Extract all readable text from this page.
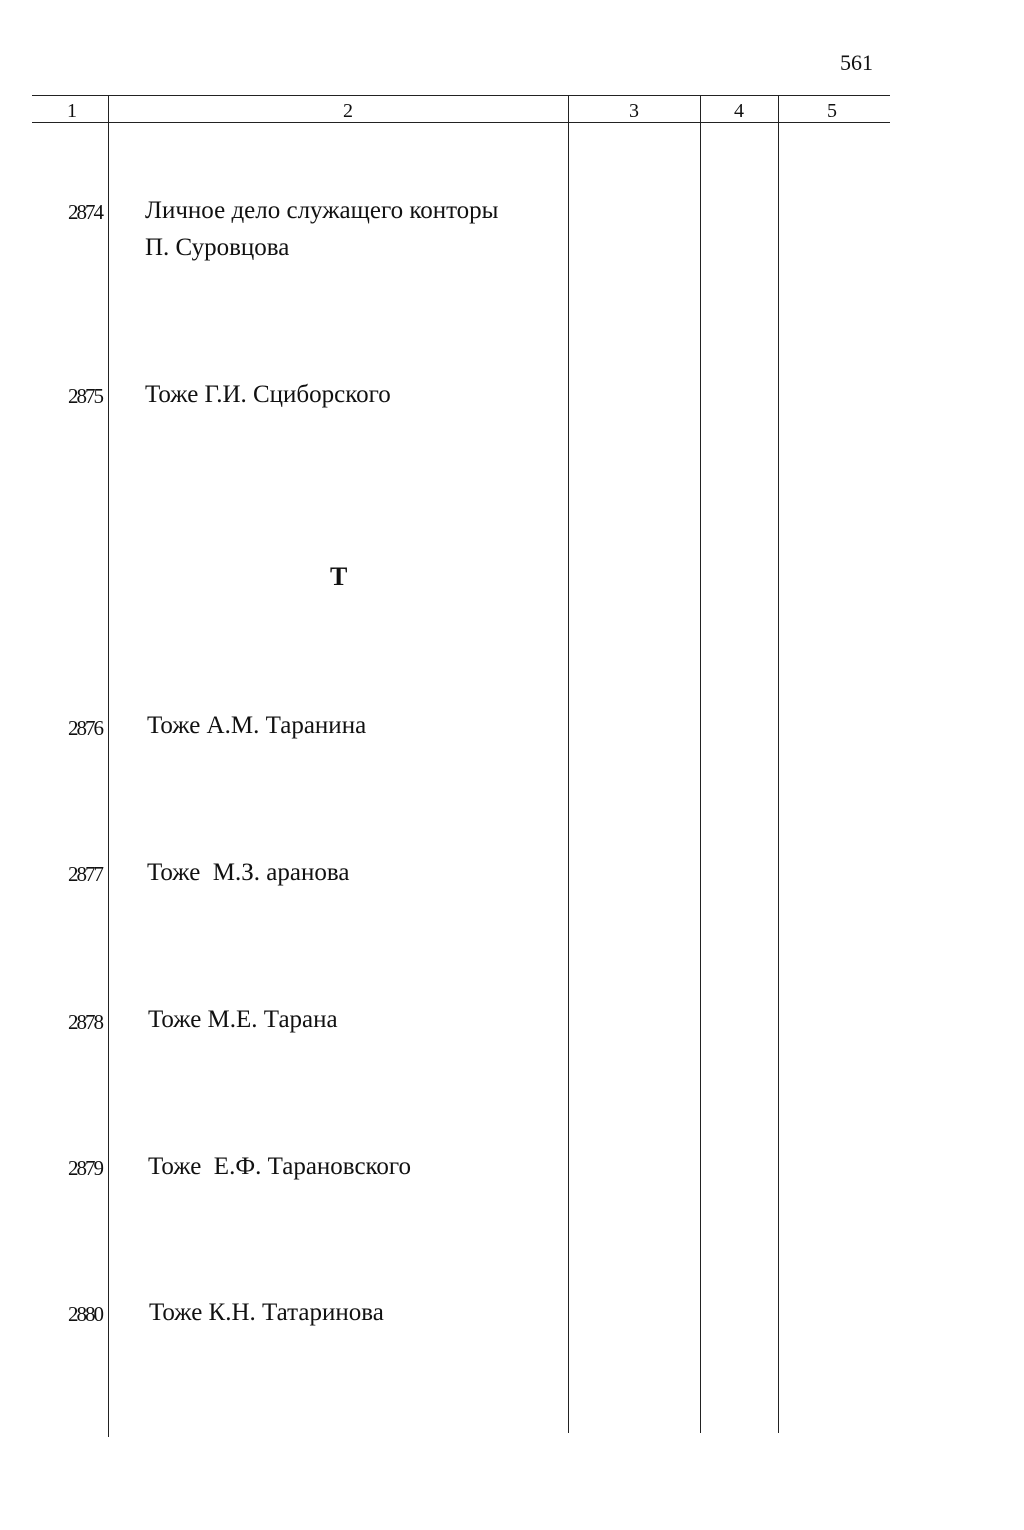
561
1	2	3	4	5
2874 Личное дело служащего конторы
П. Суровцова
2875 Тоже Г.И. Сциборского
Т
2876 Тоже А.М. Таранина
2877 Тоже  М.З. аранова
2878 Тоже М.Е. Тарана
2879 Тоже  Е.Ф. Тарановского
2880 Тоже К.Н. Татаринова
